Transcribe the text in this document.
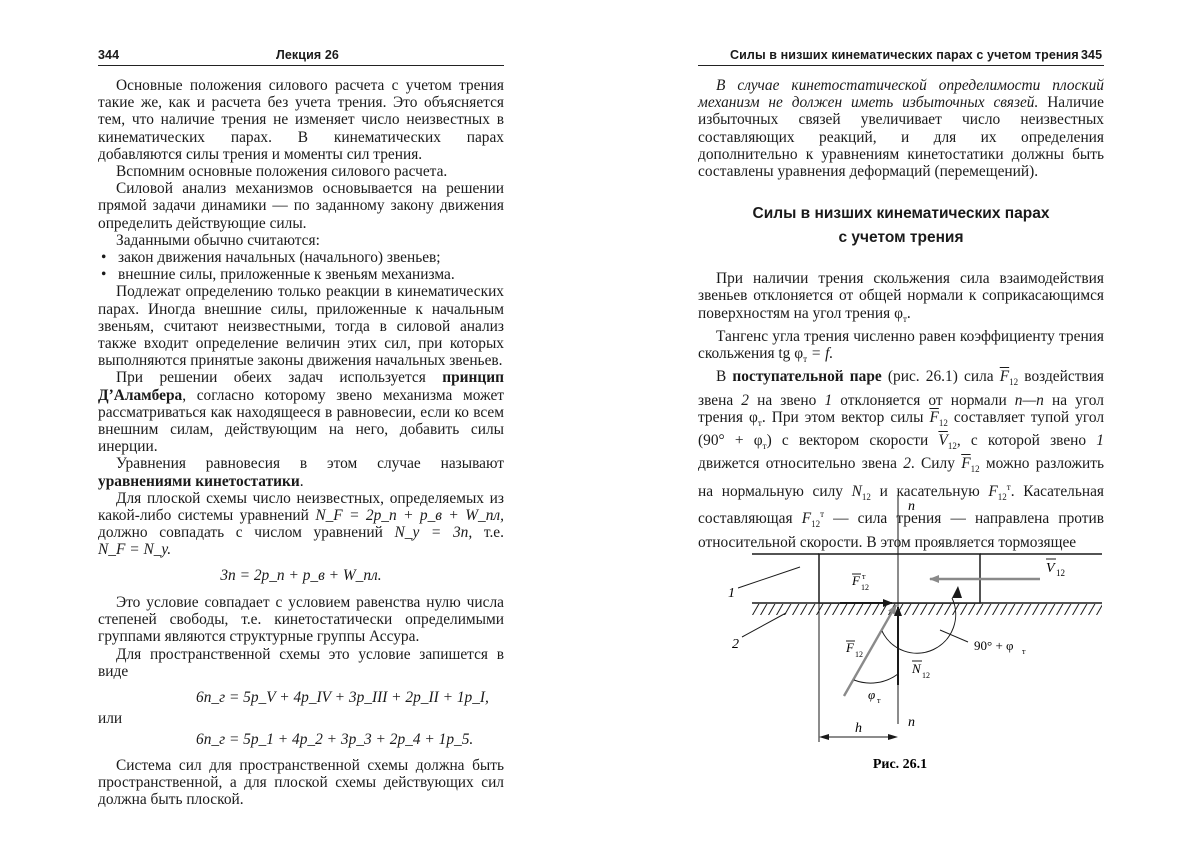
344	Лекция 26

Основные положения силового расчета с учетом трения такие же, как и расчета без учета трения. Это объясняется тем, что наличие трения не изменяет число неизвестных в кинематических парах. В кинематических парах добавляются силы трения и моменты сил трения.

Вспомним основные положения силового расчета.

Силовой анализ механизмов основывается на решении прямой задачи динамики — по заданному закону движения определить действующие силы.

Заданными обычно считаются:

• закон движения начальных (начального) звеньев;
• внешние силы, приложенные к звеньям механизма.

Подлежат определению только реакции в кинематических парах. Иногда внешние силы, приложенные к начальным звеньям, считают неизвестными, тогда в силовой анализ также входит определение величин этих сил, при которых выполняются принятые законы движения начальных звеньев.

При решении обеих задач используется принцип Д’Аламбера, согласно которому звено механизма может рассматриваться как находящееся в равновесии, если ко всем внешним силам, действующим на него, добавить силы инерции.

Уравнения равновесия в этом случае называют уравнениями кинетостатики.

Для плоской схемы число неизвестных, определяемых из какой-либо системы уравнений N_F = 2p_п + p_в + W_пл, должно совпадать с числом уравнений N_у = 3n, т.е. N_F = N_у.

3n = 2p_п + p_в + W_пл.

Это условие совпадает с условием равенства нулю числа степеней свободы, т.е. кинетостатически определимыми группами являются структурные группы Ассура.

Для пространственной схемы это условие запишется в виде

6n_г = 5p_V + 4p_IV + 3p_III + 2p_II + 1p_I,

или

6n_г = 5p_1 + 4p_2 + 3p_3 + 2p_4 + 1p_5.

Система сил для пространственной схемы должна быть пространственной, а для плоской схемы действующих сил должна быть плоской.

Силы в низших кинематических парах с учетом трения 345

В случае кинетостатической определимости плоский механизм не должен иметь избыточных связей. Наличие избыточных связей увеличивает число неизвестных составляющих реакций, и для их определения дополнительно к уравнениям кинетостатики должны быть составлены уравнения деформаций (перемещений).

Силы в низших кинематических парах
с учетом трения

При наличии трения скольжения сила взаимодействия звеньев отклоняется от общей нормали к соприкасающимся поверхностям на угол трения $\varphi_т$.

Тангенс угла трения численно равен коэффициенту трения скольжения tg $\varphi_т = f$.

В поступательной паре (рис. 26.1) сила $\overline{F}_{12}$ воздействия звена 2 на звено 1 отклоняется от нормали n—n на угол трения $\varphi_т$. При этом вектор силы $\overline{F}_{12}$ составляет тупой угол $(90^\circ + \varphi_т)$ с вектором скорости $\overline{V}_{12}$, с которой звено 1 движется относительно звена 2. Силу $\overline{F}_{12}$ можно разложить на нормальную силу $N_{12}$ и касательную $F_{12}^т$. Касательная составляющая $F_{12}^т$ — сила трения — направлена против относительной скорости. В этом проявляется тормозящее

n
n
1
2
V 12
F 12
т
F 12
N 12
90° + φ т
φ т
h
Рис. 26.1
